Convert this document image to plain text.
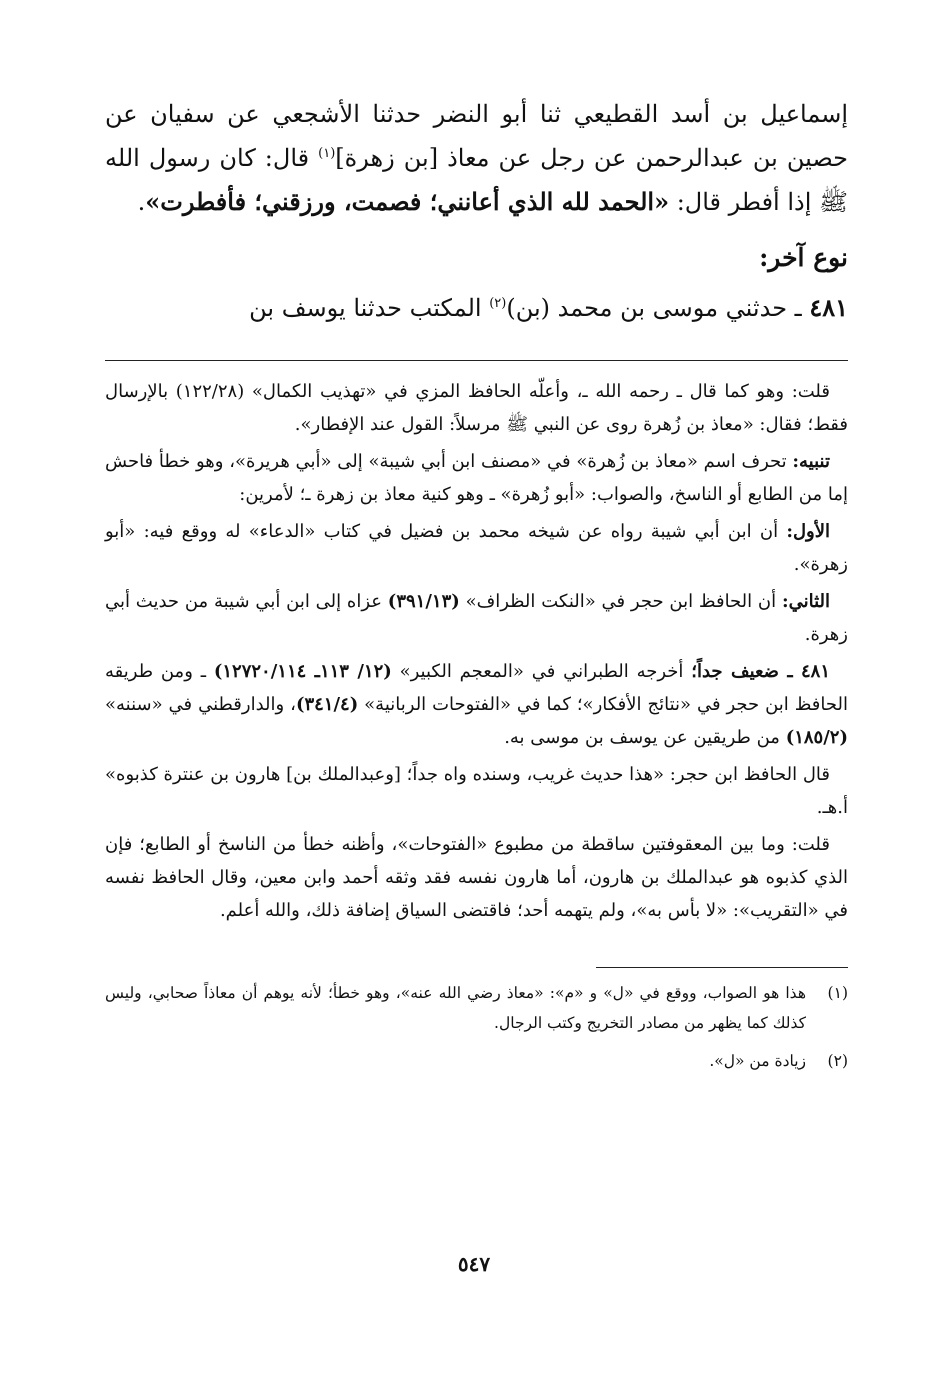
إسماعيل بن أسد القطيعي ثنا أبو النضر حدثنا الأشجعي عن سفيان عن حصين بن عبدالرحمن عن رجل عن معاذ [بن زهرة]$^{(١)}$ قال: كان رسول الله ﷺ إذا أفطر قال: «الحمد لله الذي أعانني؛ فصمت، ورزقني؛ فأفطرت».

نوع آخر:

٤٨١ ـ حدثني موسى بن محمد (بن)$^{(٢)}$ المكتب حدثنا يوسف بن

قلت: وهو كما قال ـ رحمه الله ـ، وأعلّه الحافظ المزي في «تهذيب الكمال» (١٢٢/٢٨) بالإرسال فقط؛ فقال: «معاذ بن زُهرة روى عن النبي ﷺ مرسلاً: القول عند الإفطار».

تنبيه: تحرف اسم «معاذ بن زُهرة» في «مصنف ابن أبي شيبة» إلى «أبي هريرة»، وهو خطأ فاحش إما من الطابع أو الناسخ، والصواب: «أبو زُهرة» ـ وهو كنية معاذ بن زهرة ـ؛ لأمرين:

الأول: أن ابن أبي شيبة رواه عن شيخه محمد بن فضيل في كتاب «الدعاء» له ووقع فيه: «أبو زهرة».

الثاني: أن الحافظ ابن حجر في «النكت الظراف» (٣٩١/١٣) عزاه إلى ابن أبي شيبة من حديث أبي زهرة.

٤٨١ ـ ضعيف جداً؛ أخرجه الطبراني في «المعجم الكبير» (١٢/ ١١٣ـ ١٢٧٢٠/١١٤) ـ ومن طريقه الحافظ ابن حجر في «نتائج الأفكار»؛ كما في «الفتوحات الربانية» (٣٤١/٤)، والدارقطني في «سننه» (١٨٥/٢) من طريقين عن يوسف بن موسى به.

قال الحافظ ابن حجر: «هذا حديث غريب، وسنده واه جداً؛ [وعبدالملك بن] هارون بن عنترة كذبوه» أ.هـ.

قلت: وما بين المعقوفتين ساقطة من مطبوع «الفتوحات»، وأظنه خطأ من الناسخ أو الطابع؛ فإن الذي كذبوه هو عبدالملك بن هارون، أما هارون نفسه فقد وثقه أحمد وابن معين، وقال الحافظ نفسه في «التقريب»: «لا بأس به»، ولم يتهمه أحد؛ فاقتضى السياق إضافة ذلك، والله أعلم.

(١)

هذا هو الصواب، ووقع في «ل» و «م»: «معاذ رضي الله عنه»، وهو خطأ؛ لأنه يوهم أن معاذاً صحابي، وليس كذلك كما يظهر من مصادر التخريج وكتب الرجال.

(٢)

زيادة من «ل».

٥٤٧
